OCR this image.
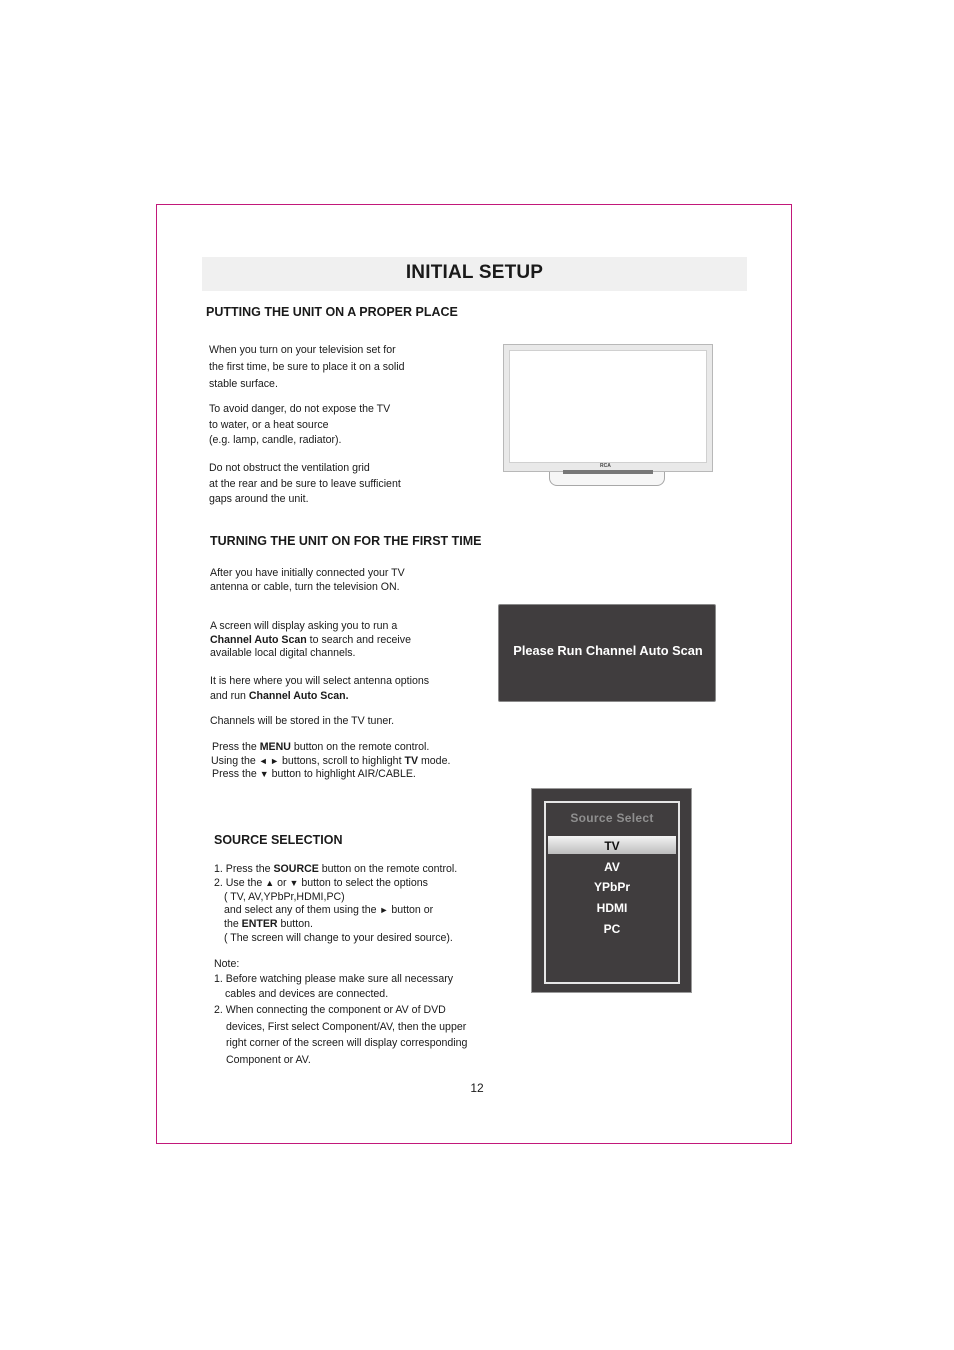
INITIAL SETUP
PUTTING THE UNIT ON A PROPER PLACE
When you turn on your television set for
the first time, be sure to place it on a solid
stable surface.
To avoid danger, do not expose the TV
to water, or a heat source
(e.g. lamp, candle, radiator).
Do not obstruct the ventilation grid
at the rear and be sure to leave sufficient
gaps around the unit.
RCA
TURNING THE UNIT ON FOR THE FIRST TIME
After you have initially connected your TV
antenna or cable, turn the television ON.
A screen will display asking you to run a
Channel Auto Scan to search and receive
available local digital channels.
It is here where you will select antenna options
and run Channel Auto Scan.
Channels will be stored in the TV tuner.
Press the MENU button on the remote control.
Using the ◄ ► buttons, scroll to highlight TV mode.
Press the ▼ button to highlight AIR/CABLE.
Please Run Channel Auto Scan
SOURCE SELECTION
1. Press the SOURCE button on the remote control.
2. Use the ▲ or ▼ button to select the options
( TV, AV,YPbPr,HDMI,PC)
and select any of them using the ► button or
the ENTER button.
( The screen will change to your desired source).
Note:
1. Before watching please make sure all necessary
cables and devices are connected.
2. When connecting the component or AV of DVD
devices, First select Component/AV, then the upper
right corner of the screen will display corresponding
Component or AV.
Source Select
TV
AV
YPbPr
HDMI
PC
12
